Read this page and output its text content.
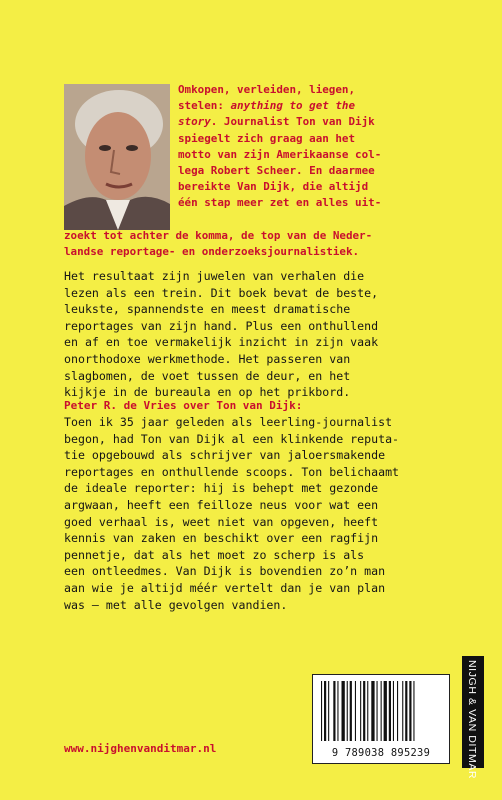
Omkopen, verleiden, liegen,
stelen: anything to get the
story. Journalist Ton van Dijk
spiegelt zich graag aan het
motto van zijn Amerikaanse col-
lega Robert Scheer. En daarmee
bereikte Van Dijk, die altijd
één stap meer zet en alles uit-
zoekt tot achter de komma, de top van de Neder-
landse reportage- en onderzoeksjournalistiek.
Het resultaat zijn juwelen van verhalen die
lezen als een trein. Dit boek bevat de beste,
leukste, spannendste en meest dramatische
reportages van zijn hand. Plus een onthullend
en af en toe vermakelijk inzicht in zijn vaak
onorthodoxe werkmethode. Het passeren van
slagbomen, de voet tussen de deur, en het
kijkje in de bureaula en op het prikbord.
Peter R. de Vries over Ton van Dijk:
Toen ik 35 jaar geleden als leerling-journalist
begon, had Ton van Dijk al een klinkende reputa-
tie opgebouwd als schrijver van jaloersmakende
reportages en onthullende scoops. Ton belichaamt
de ideale reporter: hij is behept met gezonde
argwaan, heeft een feilloze neus voor wat een
goed verhaal is, weet niet van opgeven, heeft
kennis van zaken en beschikt over een ragfijn
pennetje, dat als het moet zo scherp is als
een ontleedmes. Van Dijk is bovendien zo’n man
aan wie je altijd méér vertelt dan je van plan
was – met alle gevolgen vandien.
9 789038 895239	NIJGH & VAN DITMAR
www.nijghenvanditmar.nl
